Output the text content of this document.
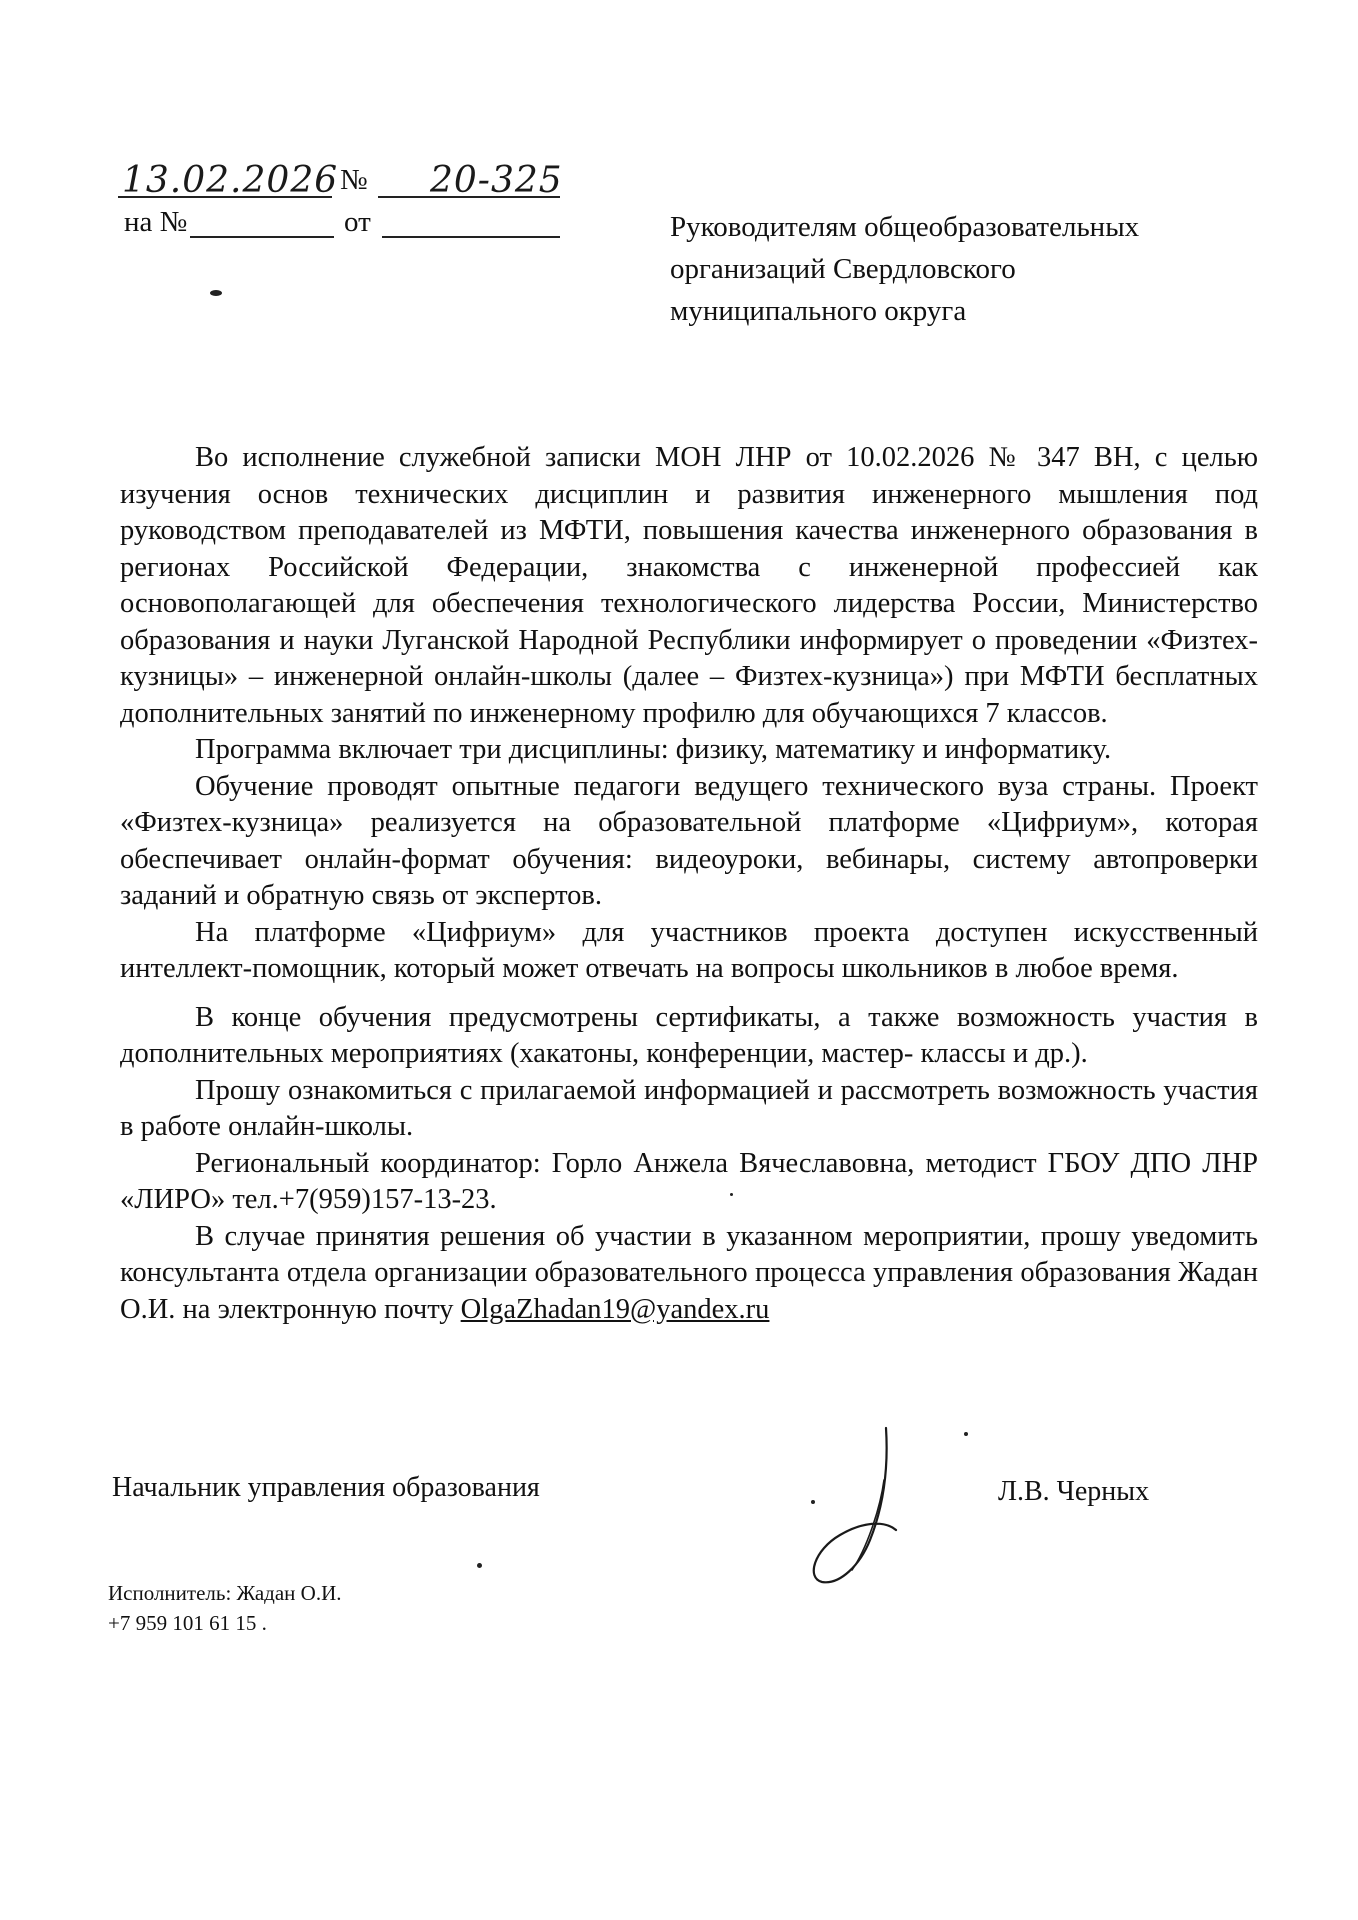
13.02.2026 № 20-325
на №	от	Руководителям общеобразовательных
организаций Свердловского
муниципального округа

Во исполнение служебной записки МОН ЛНР от 10.02.2026 № 347 ВН, с целью изучения основ технических дисциплин и развития инженерного мышления под руководством преподавателей из МФТИ, повышения качества инженерного образования в регионах Российской Федерации, знакомства с инженерной профессией как основополагающей для обеспечения технологического лидерства России, Министерство образования и науки Луганской Народной Республики информирует о проведении «Физтех-кузницы» – инженерной онлайн-школы (далее – Физтех-кузница») при МФТИ бесплатных дополнительных занятий по инженерному профилю для обучающихся 7 классов.

Программа включает три дисциплины: физику, математику и информатику.

Обучение проводят опытные педагоги ведущего технического вуза страны. Проект «Физтех-кузница» реализуется на образовательной платформе «Цифриум», которая обеспечивает онлайн-формат обучения: видеоуроки, вебинары, систему автопроверки заданий и обратную связь от экспертов.

На платформе «Цифриум» для участников проекта доступен искусственный интеллект-помощник, который может отвечать на вопросы школьников в любое время.

В конце обучения предусмотрены сертификаты, а также возможность участия в дополнительных мероприятиях (хакатоны, конференции, мастер- классы и др.).

Прошу ознакомиться с прилагаемой информацией и рассмотреть возможность участия в работе онлайн-школы.

Региональный координатор: Горло Анжела Вячеславовна, методист ГБОУ ДПО ЛНР «ЛИРО» тел.+7(959)157-13-23.

В случае принятия решения об участии в указанном мероприятии, прошу уведомить консультанта отдела организации образовательного процесса управления образования Жадан О.И. на электронную почту OlgaZhadan19@yandex.ru

Начальник управления образования	Л.В. Черных
Исполнитель: Жадан О.И.
+7 959 101 61 15 .
